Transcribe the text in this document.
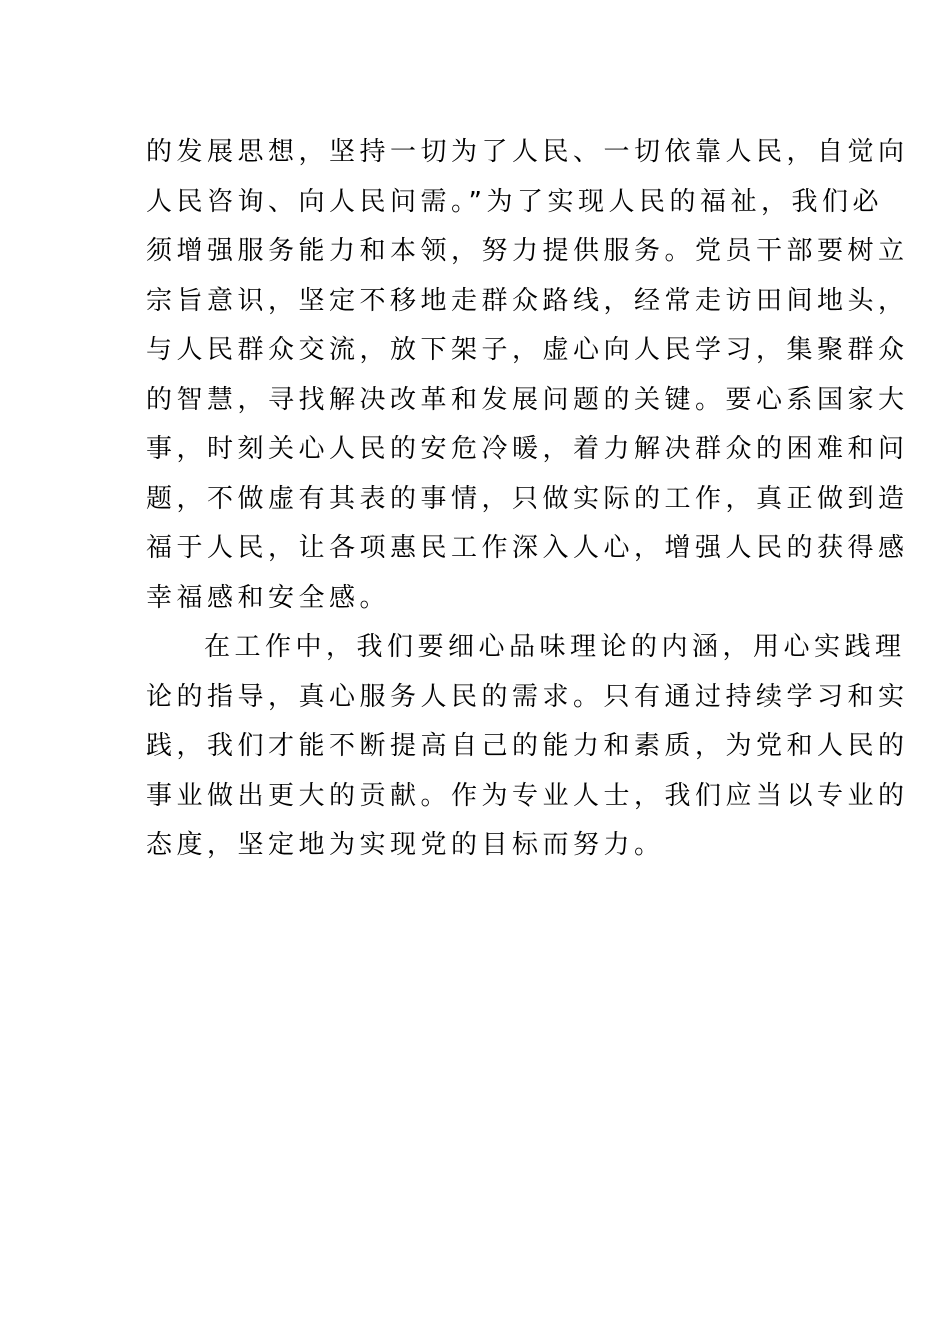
的发展思想，坚持一切为了人民、一切依靠人民，自觉向
人民咨询、向人民问需。”为了实现人民的福祉，我们必
须增强服务能力和本领，努力提供服务。党员干部要树立
宗旨意识，坚定不移地走群众路线，经常走访田间地头，
与人民群众交流，放下架子，虚心向人民学习，集聚群众
的智慧，寻找解决改革和发展问题的关键。要心系国家大
事，时刻关心人民的安危冷暖，着力解决群众的困难和问
题，不做虚有其表的事情，只做实际的工作，真正做到造
福于人民，让各项惠民工作深入人心，增强人民的获得感
幸福感和安全感。
在工作中，我们要细心品味理论的内涵，用心实践理
论的指导，真心服务人民的需求。只有通过持续学习和实
践，我们才能不断提高自己的能力和素质，为党和人民的
事业做出更大的贡献。作为专业人士，我们应当以专业的
态度，坚定地为实现党的目标而努力。
